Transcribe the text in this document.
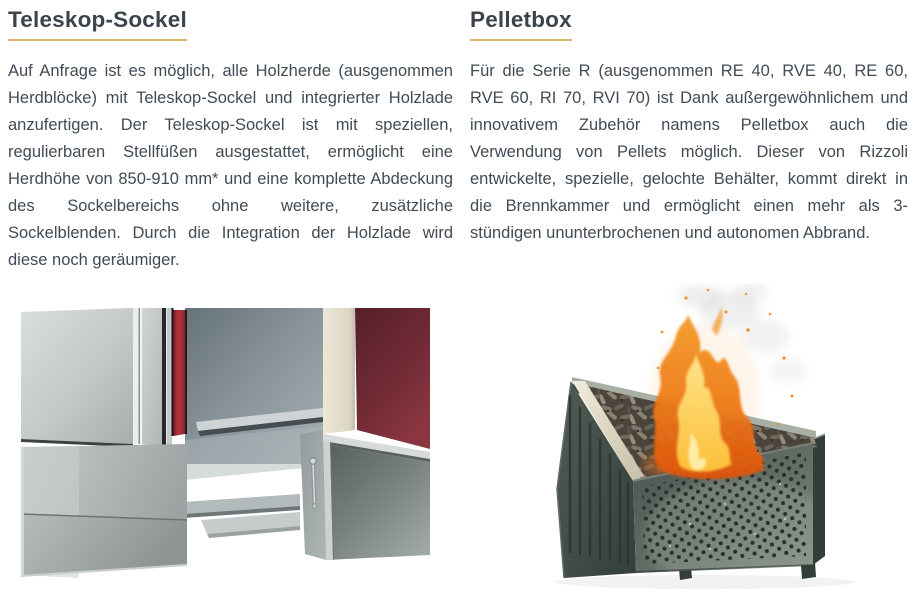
Teleskop-Sockel

Auf Anfrage ist es möglich, alle Holzherde (ausgenommen Herdblöcke) mit Teleskop-Sockel und integrierter Holzlade anzufertigen. Der Teleskop-Sockel ist mit speziellen, regulierbaren Stellfüßen ausgestattet, ermöglicht eine Herdhöhe von 850-910 mm* und eine komplette Abdeckung des Sockelbereichs ohne weitere, zusätzliche Sockelblenden. Durch die Integration der Holzlade wird diese noch geräumiger.

Pelletbox

Für die Serie R (ausgenommen RE 40, RVE 40, RE 60, RVE 60, RI 70, RVI 70) ist Dank außergewöhnlichem und innovativem Zubehör namens Pelletbox auch die Verwendung von Pellets möglich. Dieser von Rizzoli entwickelte, spezielle, gelochte Behälter, kommt direkt in die Brennkammer und ermöglicht einen mehr als 3-stündigen ununterbrochenen und autonomen Abbrand.
